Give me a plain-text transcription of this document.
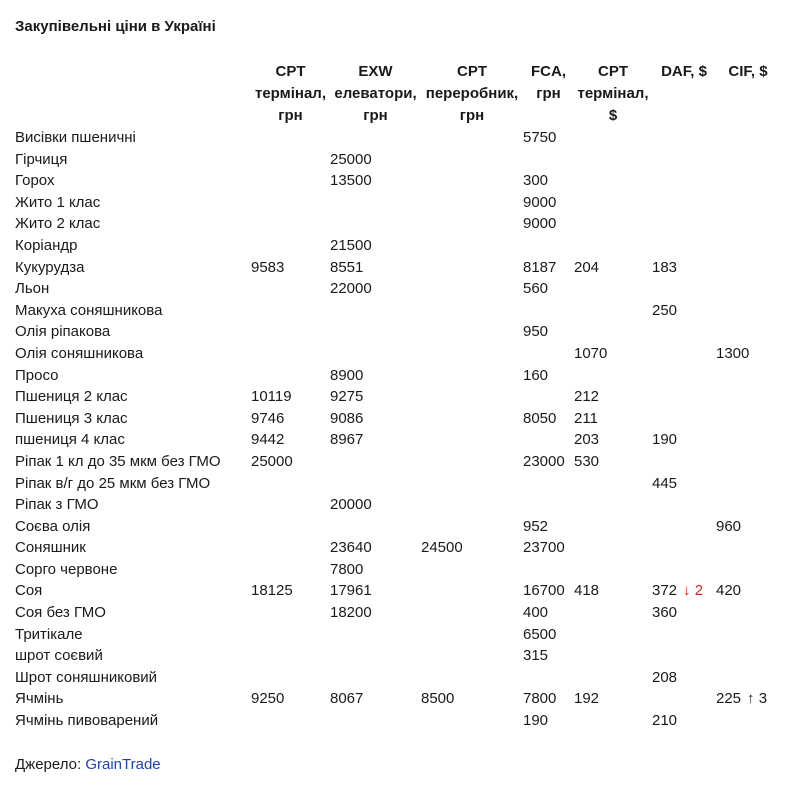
Закупівельні ціни в Україні
	CPT термінал, грн	EXW елеватори, грн	CPT переробник, грн	FCA, грн	CPT термінал, $	DAF, $	CIF, $
Висівки пшеничні				5750			
Гірчиця		25000					
Горох		13500		300			
Жито 1 клас				9000			
Жито 2 клас				9000			
Коріандр		21500					
Кукурудза	9583	8551		8187	204	183	
Льон		22000		560			
Макуха соняшникова						250	
Олія ріпакова				950			
Олія соняшникова					1070		1300
Просо		8900		160			
Пшениця 2 клас	10119	9275			212		
Пшениця 3 клас	9746	9086		8050	211		
пшениця 4 клас	9442	8967			203	190	
Ріпак 1 кл до 35 мкм без ГМО	25000			23000	530		
Ріпак в/г до 25 мкм без ГМО						445	
Ріпак з ГМО		20000					
Соєва олія				952			960
Соняшник		23640	24500	23700			
Сорго червоне		7800					
Соя	18125	17961		16700	418	372 ↓ 2	420
Соя без ГМО		18200		400		360	
Тритікале				6500			
шрот соєвий				315			
Шрот соняшниковий						208	
Ячмінь	9250	8067	8500	7800	192		225 ↑ 3
Ячмінь пивоварений				190		210	

Джерело: GrainTrade
